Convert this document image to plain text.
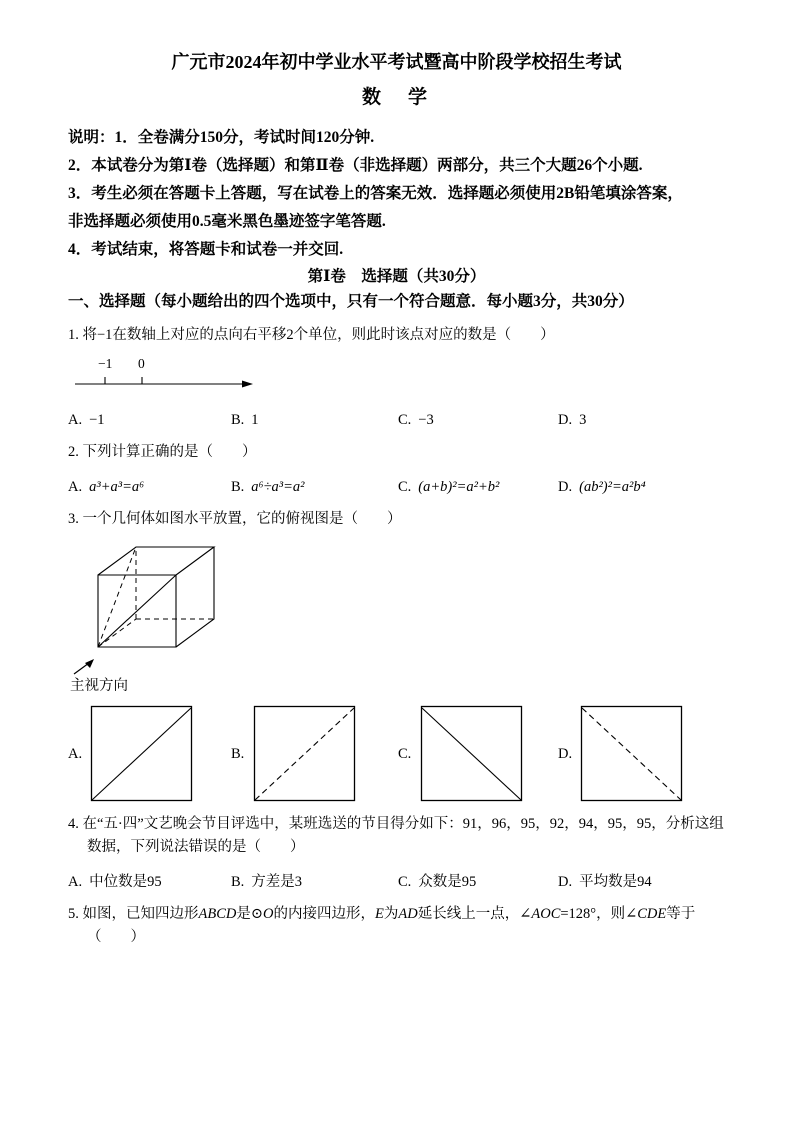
广元市2024年初中学业水平考试暨高中阶段学校招生考试
数　学

说明：1．全卷满分150分，考试时间120分钟.

2．本试卷分为第Ⅰ卷（选择题）和第Ⅱ卷（非选择题）两部分，共三个大题26个小题.

3．考生必须在答题卡上答题，写在试卷上的答案无效．选择题必须使用2B铅笔填涂答案，

非选择题必须使用0.5毫米黑色墨迹签字笔答题.

4．考试结束，将答题卡和试卷一并交回.

第Ⅰ卷　选择题（共30分）

一、选择题（每小题给出的四个选项中，只有一个符合题意．每小题3分，共30分）

1. 将−1在数轴上对应的点向右平移2个单位，则此时该点对应的数是（　　）

−1 0
A. −1	B. 1	C. −3	D. 3

2. 下列计算正确的是（　　）

A. a³+a³=a⁶	B. a⁶÷a³=a²	C. (a+b)²=a²+b²	D. (ab²)²=a²b⁴

3. 一个几何体如图水平放置，它的俯视图是（　　）

主视方向
A.	B.	C.	D.

4. 在“五·四”文艺晚会节目评选中，某班选送的节目得分如下：91，96，95，92，94，95，95，分析这组数据，下列说法错误的是（　　）

A. 中位数是95	B. 方差是3	C. 众数是95	D. 平均数是94

5. 如图，已知四边形ABCD是⊙O的内接四边形，E为AD延长线上一点，∠AOC=128°，则∠CDE等于（　　）
